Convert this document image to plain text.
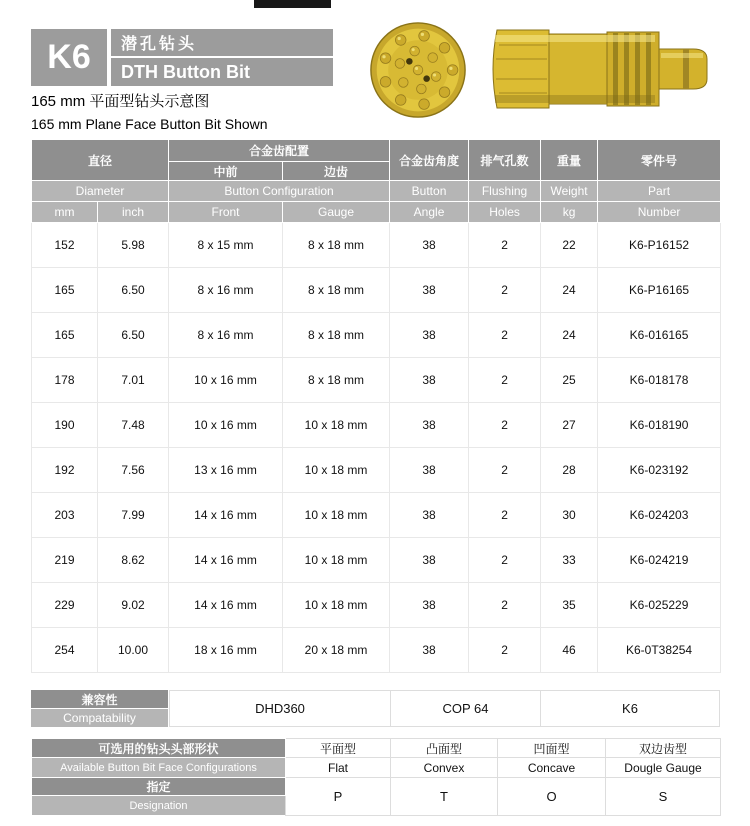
K6	潜孔钻头
DTH Button Bit
165 mm 平面型钻头示意图
165 mm Plane Face Button Bit Shown
直径		合金齿配置		合金齿角度	排气孔数	重量	零件号
		中前	边齿				
Diameter		Button Configuration		Button	Flushing	Weight	Part
mm	inch	Front	Gauge	Angle	Holes	kg	Number
152	5.98	8 x 15 mm	8 x 18 mm	38	2	22	K6-P16152
165	6.50	8 x 16 mm	8 x 18 mm	38	2	24	K6-P16165
165	6.50	8 x 16 mm	8 x 18 mm	38	2	24	K6-016165
178	7.01	10 x 16 mm	8 x 18 mm	38	2	25	K6-018178
190	7.48	10 x 16 mm	10 x 18 mm	38	2	27	K6-018190
192	7.56	13 x 16 mm	10 x 18 mm	38	2	28	K6-023192
203	7.99	14 x 16 mm	10 x 18 mm	38	2	30	K6-024203
219	8.62	14 x 16 mm	10 x 18 mm	38	2	33	K6-024219
229	9.02	14 x 16 mm	10 x 18 mm	38	2	35	K6-025229
254	10.00	18 x 16 mm	20 x 18 mm	38	2	46	K6-0T38254
兼容性
Compatability
DHD360	COP 64	K6
可选用的钻头头部形状	平面型	凸面型	凹面型	双边齿型
Available Button Bit Face Configurations	Flat	Convex	Concave	Dougle Gauge
指定	P	T	O	S
Designation				
